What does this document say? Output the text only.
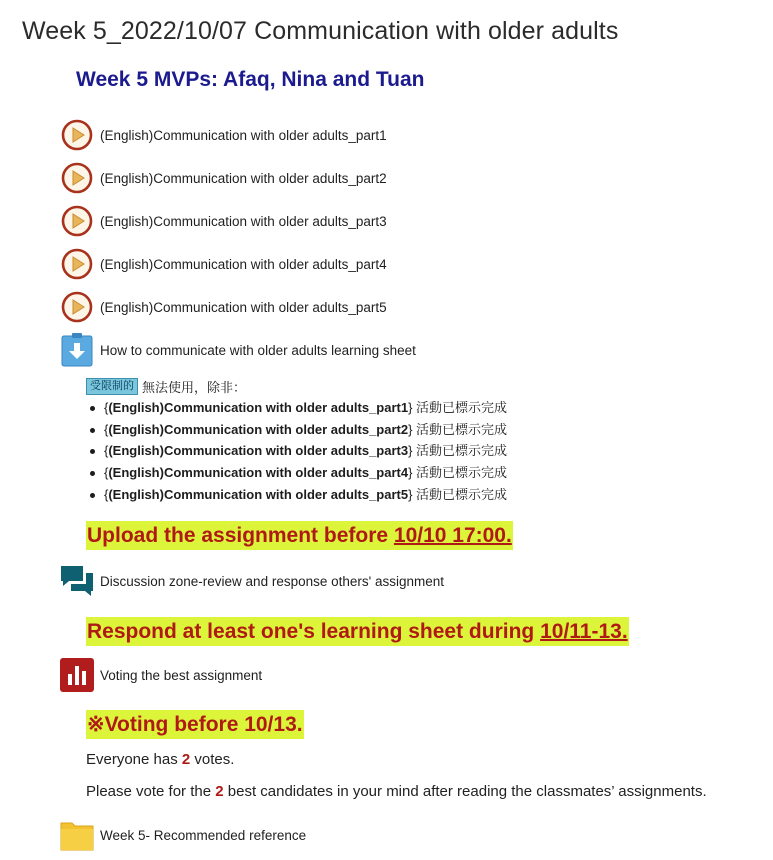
Week 5_2022/10/07 Communication with older adults
Week 5 MVPs: Afaq, Nina and Tuan
(English)Communication with older adults_part1
(English)Communication with older adults_part2
(English)Communication with older adults_part3
(English)Communication with older adults_part4
(English)Communication with older adults_part5
How to communicate with older adults learning sheet
受限制的 無法使用，除非：
{(English)Communication with older adults_part1} 活動已標示完成
{(English)Communication with older adults_part2} 活動已標示完成
{(English)Communication with older adults_part3} 活動已標示完成
{(English)Communication with older adults_part4} 活動已標示完成
{(English)Communication with older adults_part5} 活動已標示完成
Upload the assignment before 10/10 17:00.
Discussion zone-review and response others' assignment
Respond at least one's learning sheet during 10/11-13.
Voting the best assignment
※Voting before 10/13.
Everyone has 2 votes.
Please vote for the 2 best candidates in your mind after reading the classmates’ assignments.
Week 5- Recommended reference
